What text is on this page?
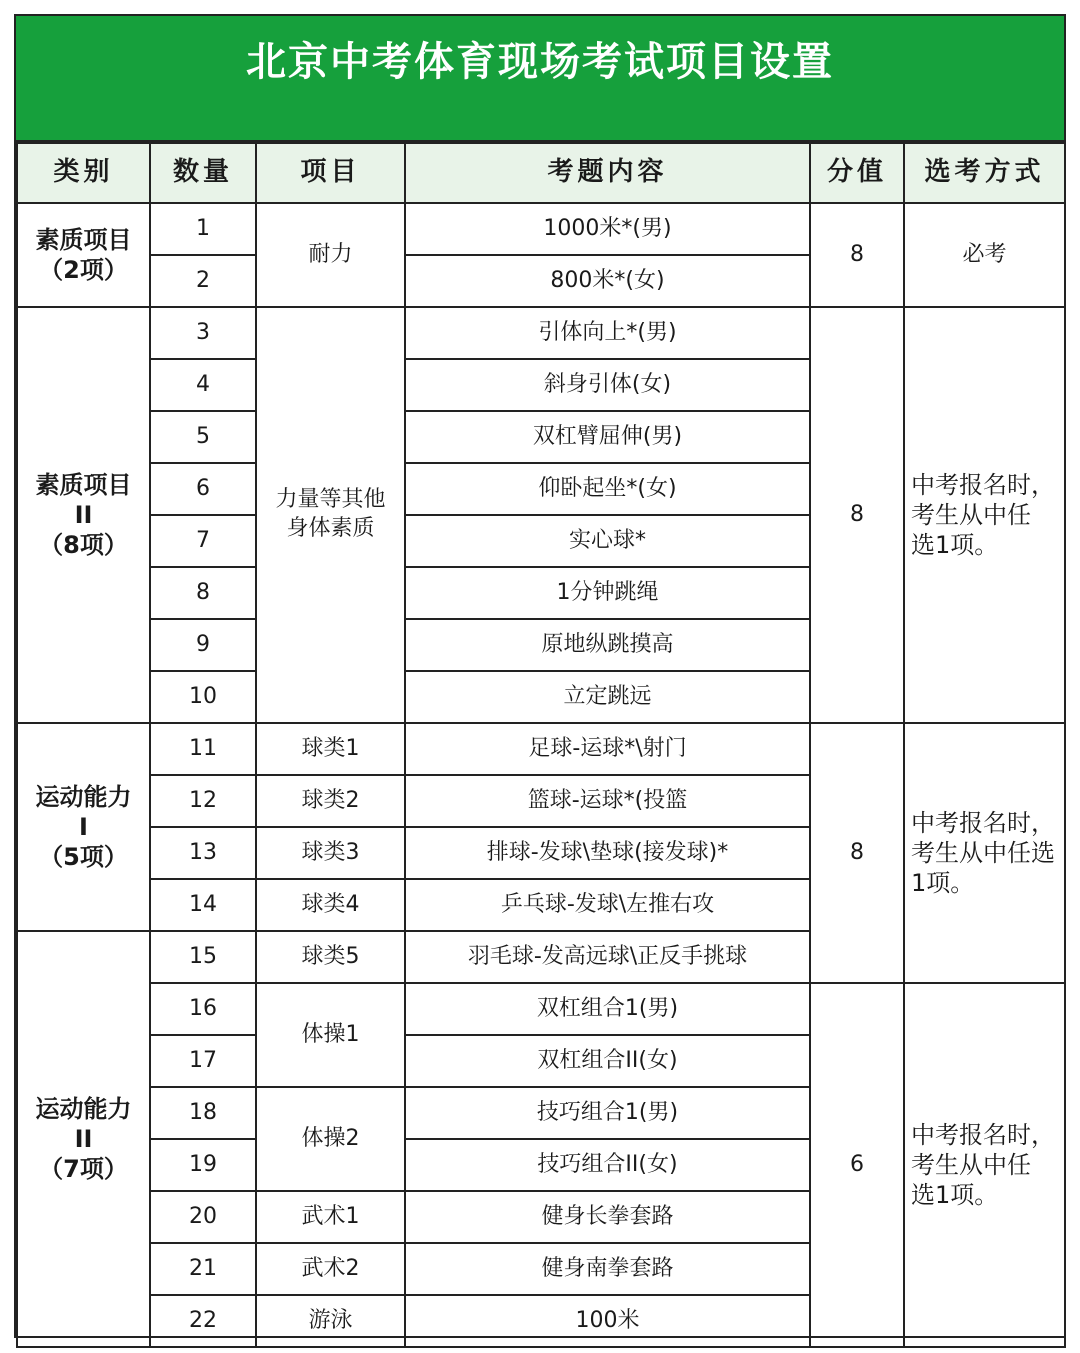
北京中考体育现场考试项目设置
类别	数量	项目	考题内容	分值	选考方式
素质项目
（2项）	1	耐力	1000米*(男)	8	必考
	2		800米*(女)		
素质项目
II
（8项）	3	力量等其他
身体素质	引体向上*(男)	8	中考报名时，
考生从中任
选1项。
	4		斜身引体(女)		
	5		双杠臂屈伸(男)		
	6		仰卧起坐*(女)		
	7		实心球*		
	8		1分钟跳绳		
	9		原地纵跳摸高		
	10		立定跳远		
运动能力
I
（5项）	11	球类1	足球-运球*\射门	8	中考报名时，
考生从中任选
1项。
	12	球类2	篮球-运球*(投篮		
	13	球类3	排球-发球\垫球(接发球)*		
	14	球类4	乒乓球-发球\左推右攻		
运动能力
II
（7项）	15	球类5	羽毛球-发高远球\正反手挑球		
	16	体操1	双杠组合1(男)	6	中考报名时，
考生从中任
选1项。
	17		双杠组合II(女)		
	18	体操2	技巧组合1(男)		
	19		技巧组合II(女)		
	20	武术1	健身长拳套路		
	21	武术2	健身南拳套路		
	22	游泳	100米		
